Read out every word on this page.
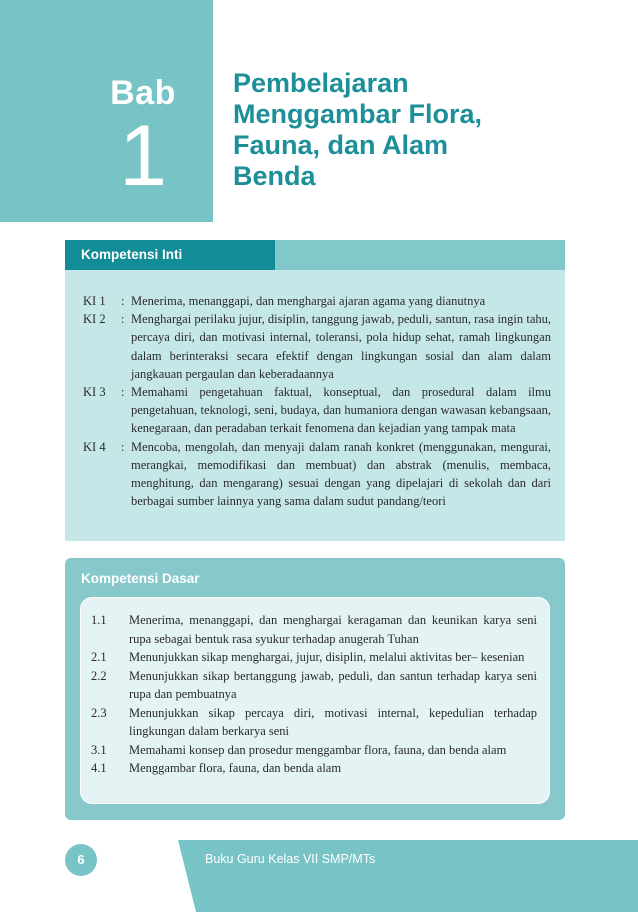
Bab
1
Pembelajaran
Menggambar Flora,
Fauna, dan Alam
Benda
Kompetensi Inti
KI 1	: Menerima, menanggapi, dan menghargai ajaran agama yang dianutnya
KI 2	: Menghargai perilaku jujur, disiplin, tanggung jawab, peduli, santun, rasa ingin tahu, percaya diri, dan motivasi internal, toleransi, pola hidup sehat, ramah lingkungan dalam berinteraksi secara efektif dengan lingkungan sosial dan alam dalam jangkauan pergaulan dan keberadaannya
KI 3	: Memahami pengetahuan faktual, konseptual, dan prosedural dalam ilmu pengetahuan, teknologi, seni, budaya, dan humaniora dengan wawasan kebangsaan, kenegaraan, dan peradaban terkait fenomena dan kejadian yang tampak mata
KI 4	: Mencoba, mengolah, dan menyaji dalam ranah konkret (menggunakan, mengurai, merangkai, memodifikasi dan membuat) dan abstrak (menulis, membaca, menghitung, dan mengarang) sesuai dengan yang dipelajari di sekolah dan dari berbagai sumber lainnya yang sama dalam sudut pandang/teori
Kompetensi Dasar
1.1	Menerima, menanggapi, dan menghargai keragaman dan keunikan karya seni rupa sebagai bentuk rasa syukur terhadap anugerah Tuhan
2.1	Menunjukkan sikap menghargai, jujur, disiplin, melalui aktivitas ber– kesenian
2.2	Menunjukkan sikap bertanggung jawab, peduli, dan santun terhadap karya seni rupa dan pembuatnya
2.3	Menunjukkan sikap percaya diri, motivasi internal, kepedulian terhadap lingkungan dalam berkarya seni
3.1	Memahami konsep dan prosedur menggambar flora, fauna, dan benda alam
4.1	Menggambar flora, fauna, dan benda alam
6	Buku Guru Kelas VII SMP/MTs
